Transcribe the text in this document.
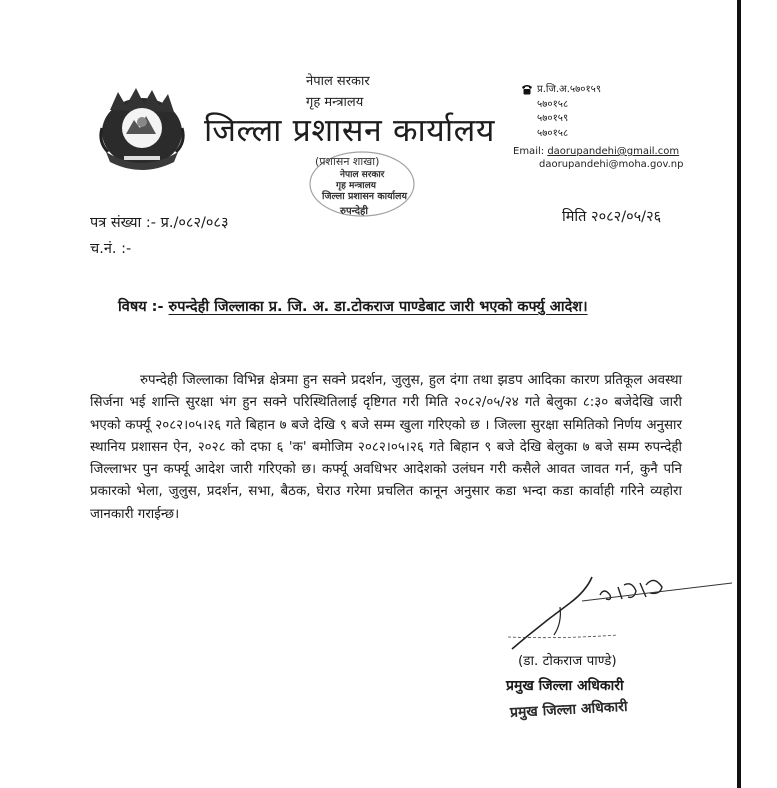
नेपाल सरकार
गृह मन्त्रालय
जिल्ला प्रशासन कार्यालय
(प्रशासन शाखा)
नेपाल सरकार
गृह मन्त्रालय
जिल्ला प्रशासन कार्यालय
रुपन्देही
प्र.जि.अ.५७०१५९
५७०१५८
५७०१५९
५७०१५८
Email: daorupandehi@gmail.com
daorupandehi@moha.gov.np
पत्र संख्या :- प्र./०८२/०८३
च.नं. :-
मिति २०८२/०५/२६
विषय :- रुपन्देही जिल्लाका प्र. जि. अ. डा.टोकराज पाण्डेबाट जारी भएको कर्फ्यु आदेश।
रुपन्देही जिल्लाका विभिन्न क्षेत्रमा हुन सक्ने प्रदर्शन, जुलुस, हुल दंगा तथा झडप आदिका कारण प्रतिकूल अवस्था सिर्जना भई शान्ति सुरक्षा भंग हुन सक्ने परिस्थितिलाई दृष्टिगत गरी मिति २०८२/०५/२४ गते बेलुका ८:३० बजेदेखि जारी भएको कर्फ्यू २०८२।०५।२६ गते बिहान ७ बजे देखि ९ बजे सम्म खुला गरिएको छ । जिल्ला सुरक्षा समितिको निर्णय अनुसार स्थानिय प्रशासन ऐन, २०२८ को दफा ६ 'क' बमोजिम २०८२।०५।२६ गते बिहान ९ बजे देखि बेलुका ७ बजे सम्म रुपन्देही जिल्लाभर पुन कर्फ्यू आदेश जारी गरिएको छ। कर्फ्यू अवधिभर आदेशको उलंघन गरी कसैले आवत जावत गर्न, कुनै पनि प्रकारको भेला, जुलुस, प्रदर्शन, सभा, बैठक, घेराउ गरेमा प्रचलित कानून अनुसार कडा भन्दा कडा कार्वाही गरिने व्यहोरा जानकारी गराईन्छ।
(डा. टोकराज पाण्डे)
प्रमुख जिल्ला अधिकारी
प्रमुख जिल्ला अधिकारी
